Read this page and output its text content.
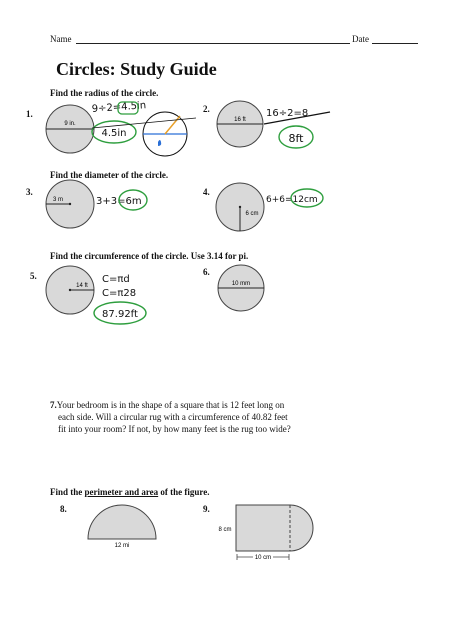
Name	Date
Circles: Study Guide
Find the radius of the circle.
Find the diameter of the circle.
Find the circumference of the circle. Use 3.14 for pi.
Find the perimeter and area of the figure.
1.	2.
3.	4.
5.	6.
8.	9.
7.Your bedroom is in the shape of a square that is 12 feet long on
each side. Will a circular rug with a circumference of 40.82 feet
fit into your room? If not, by how many feet is the rug too wide?
9 in.
16 ft
3 m
6 cm
14 ft	10 mm
12 mi
8 cm
10 cm
9÷2=4.5in
4.5in
16÷2=8
8ft
3+3=6m	6+6=12cm
C=πd
C=π28
87.92ft
